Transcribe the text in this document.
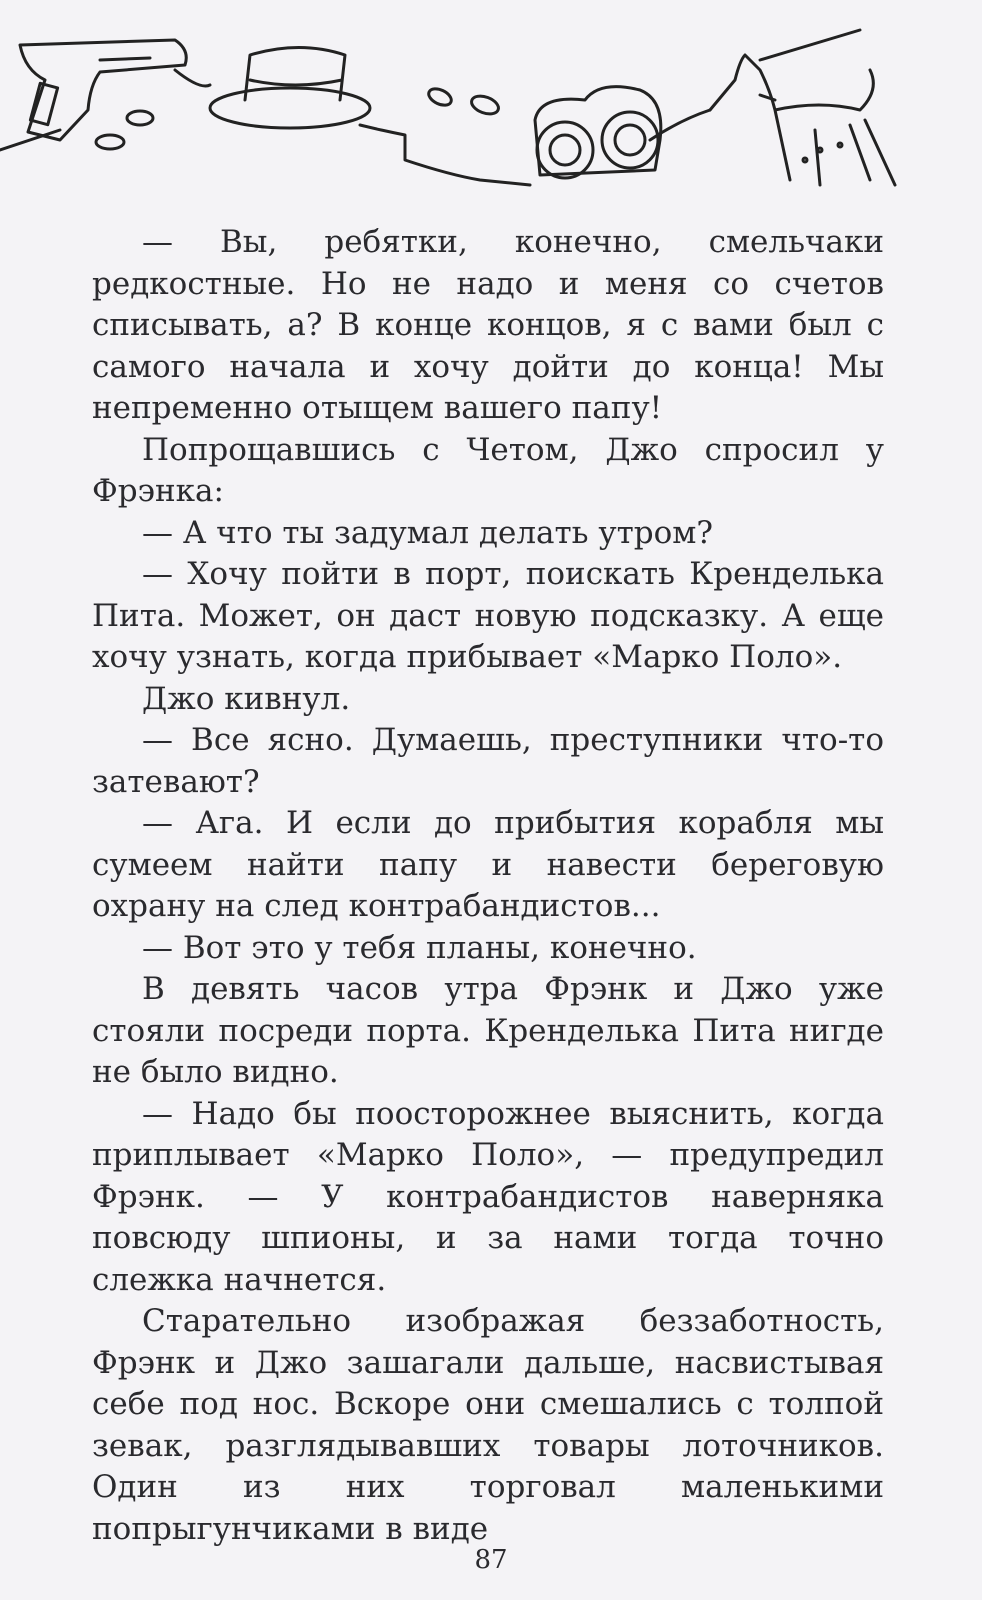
— Вы, ребятки, конечно, смельчаки редкостные. Но не надо и меня со счетов списывать, а? В конце концов, я с вами был с самого начала и хочу дойти до конца! Мы непременно отыщем вашего папу!

Попрощавшись с Четом, Джо спросил у Фрэнка:

— А что ты задумал делать утром?

— Хочу пойти в порт, поискать Кренделька Пита. Может, он даст новую подсказку. А еще хочу узнать, когда прибывает «Марко Поло».

Джо кивнул.

— Все ясно. Думаешь, преступники что-то затевают?

— Ага. И если до прибытия корабля мы сумеем найти папу и навести береговую охрану на след контрабандистов...

— Вот это у тебя планы, конечно.

В девять часов утра Фрэнк и Джо уже стояли посреди порта. Кренделька Пита нигде не было видно.

— Надо бы поосторожнее выяснить, когда приплывает «Марко Поло», — предупредил Фрэнк. — У контрабандистов наверняка повсюду шпионы, и за нами тогда точно слежка начнется.

Старательно изображая беззаботность, Фрэнк и Джо зашагали дальше, насвистывая себе под нос. Вскоре они смешались с толпой зевак, разглядывавших товары лоточников. Один из них торговал маленькими попрыгунчиками в виде

87
